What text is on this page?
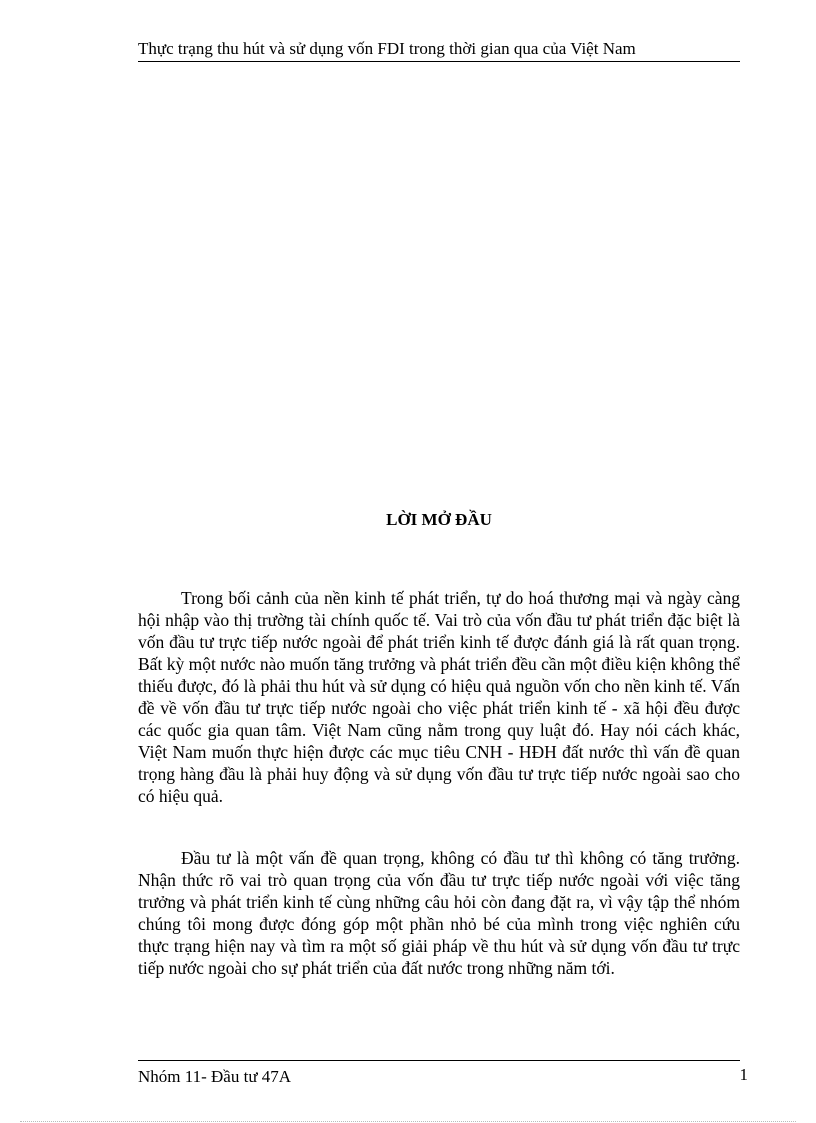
Thực trạng thu hút và sử dụng vốn FDI trong thời gian qua của Việt Nam
LỜI MỞ ĐẦU

Trong bối cảnh của nền kinh tế phát triển, tự do hoá thương mại và ngày càng hội nhập vào thị trường tài chính quốc tế. Vai trò của vốn đầu tư phát triển đặc biệt là vốn đầu tư trực tiếp nước ngoài để phát triển kinh tế được đánh giá là rất quan trọng. Bất kỳ một nước nào muốn tăng trưởng và phát triển đều cần một điều kiện không thể thiếu được, đó là phải thu hút và sử dụng có hiệu quả nguồn vốn cho nền kinh tế. Vấn đề về vốn đầu tư trực tiếp nước ngoài cho việc phát triển kinh tế - xã hội đều được các quốc gia quan tâm. Việt Nam cũng nằm trong quy luật đó. Hay nói cách khác, Việt Nam muốn thực hiện được các mục tiêu CNH - HĐH đất nước thì vấn đề quan trọng hàng đầu là phải huy động và sử dụng vốn đầu tư trực tiếp nước ngoài sao cho có hiệu quả.

Đầu tư là một vấn đề quan trọng, không có đầu tư thì không có tăng trưởng. Nhận thức rõ vai trò quan trọng của vốn đầu tư trực tiếp nước ngoài với việc tăng trưởng và phát triển kinh tế cùng những câu hỏi còn đang đặt ra, vì vậy tập thể nhóm chúng tôi mong được đóng góp một phần nhỏ bé của mình trong việc nghiên cứu thực trạng hiện nay và tìm ra một số giải pháp về thu hút và sử dụng vốn đầu tư trực tiếp nước ngoài cho sự phát triển của đất nước trong những năm tới.

Nhóm 11- Đầu tư 47A	1
